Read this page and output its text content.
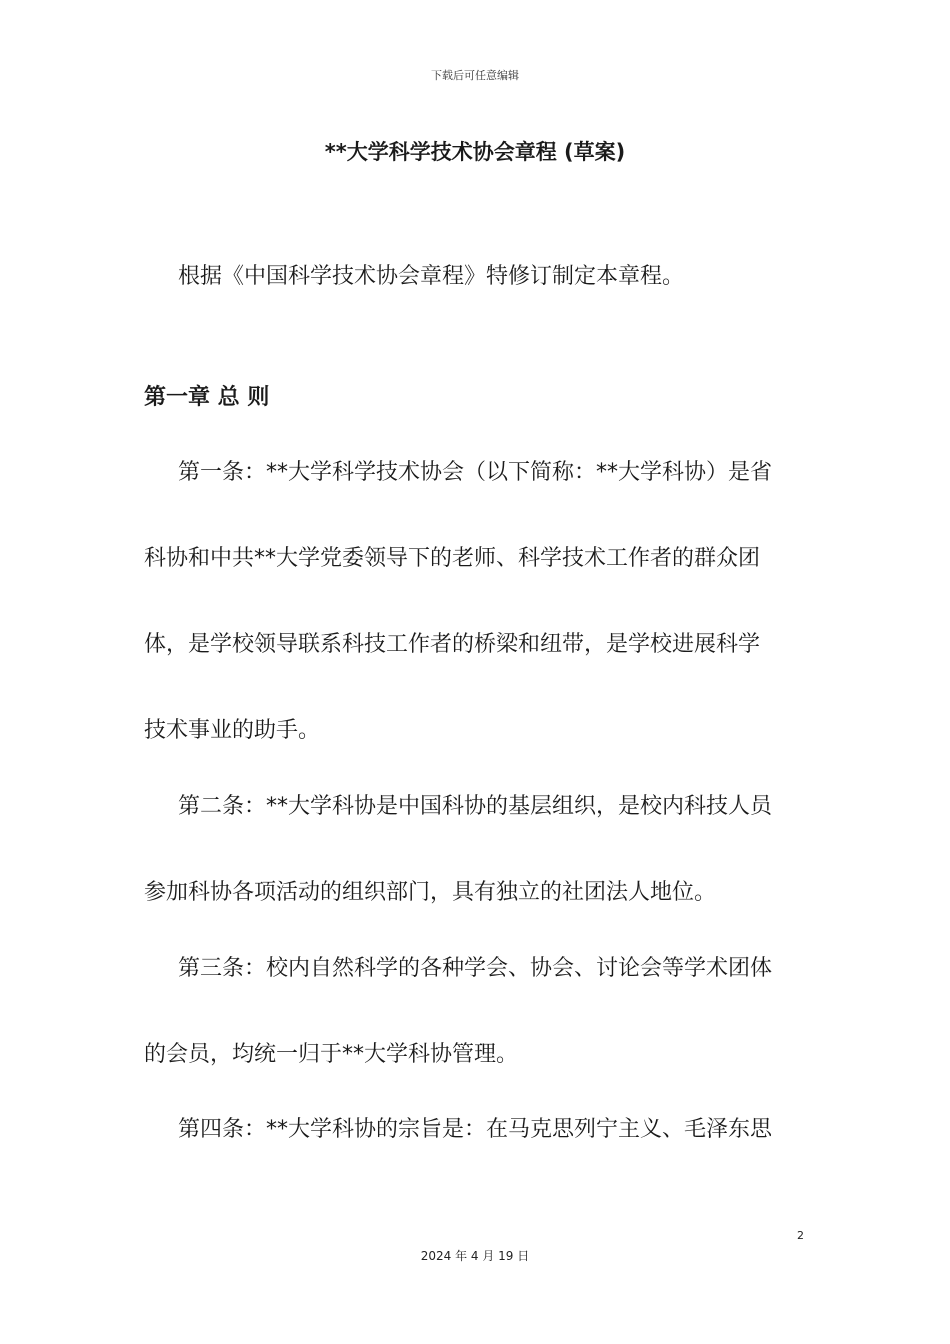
下载后可任意编辑
**大学科学技术协会章程 (草案)
根据《中国科学技术协会章程》特修订制定本章程。
第一章 总 则
第一条：**大学科学技术协会（以下简称：**大学科协）是省
科协和中共**大学党委领导下的老师、科学技术工作者的群众团
体，是学校领导联系科技工作者的桥梁和纽带，是学校进展科学
技术事业的助手。
第二条：**大学科协是中国科协的基层组织，是校内科技人员
参加科协各项活动的组织部门，具有独立的社团法人地位。
第三条：校内自然科学的各种学会、协会、讨论会等学术团体
的会员，均统一归于**大学科协管理。
第四条：**大学科协的宗旨是：在马克思列宁主义、毛泽东思
2
2024 年 4 月 19 日
